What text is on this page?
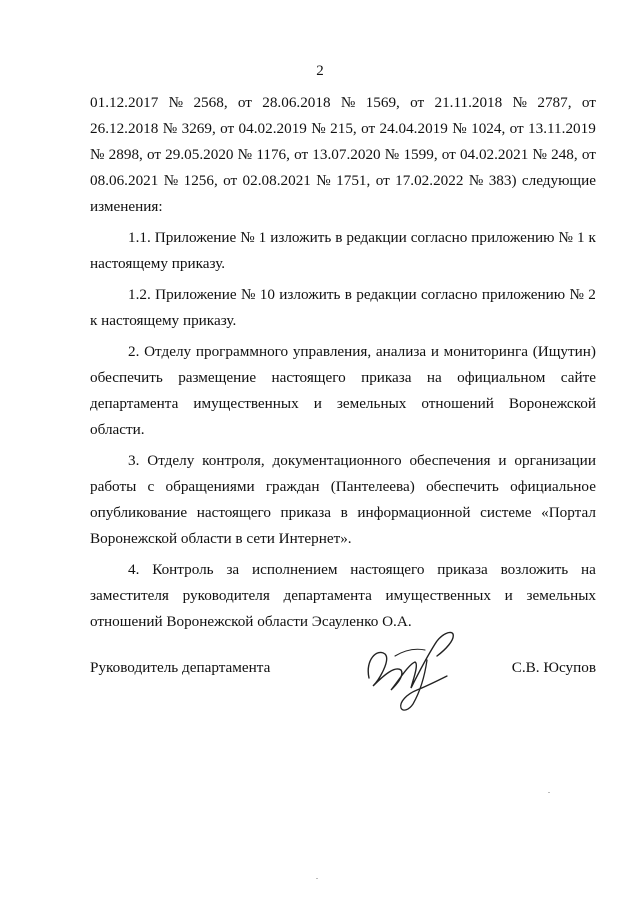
2
01.12.2017 № 2568, от 28.06.2018 № 1569, от 21.11.2018 № 2787, от
26.12.2018 № 3269, от 04.02.2019 № 215, от 24.04.2019 № 1024, от 13.11.2019
№ 2898, от 29.05.2020 № 1176, от 13.07.2020 № 1599, от 04.02.2021 № 248, от
08.06.2021 № 1256, от 02.08.2021 № 1751, от 17.02.2022 № 383) следующие
изменения:
1.1. Приложение № 1 изложить в редакции согласно приложению № 1 к
настоящему приказу.
1.2. Приложение № 10 изложить в редакции согласно приложению № 2
к настоящему приказу.
2. Отделу программного управления, анализа и мониторинга (Ищутин)
обеспечить размещение настоящего приказа на официальном сайте
департамента имущественных и земельных отношений Воронежской
области.
3. Отделу контроля, документационного обеспечения и организации
работы с обращениями граждан (Пантелеева) обеспечить официальное
опубликование настоящего приказа в информационной системе «Портал
Воронежской области в сети Интернет».
4. Контроль за исполнением настоящего приказа возложить на
заместителя руководителя департамента имущественных и земельных
отношений Воронежской области Эсауленко О.А.
Руководитель департамента	С.В. Юсупов
